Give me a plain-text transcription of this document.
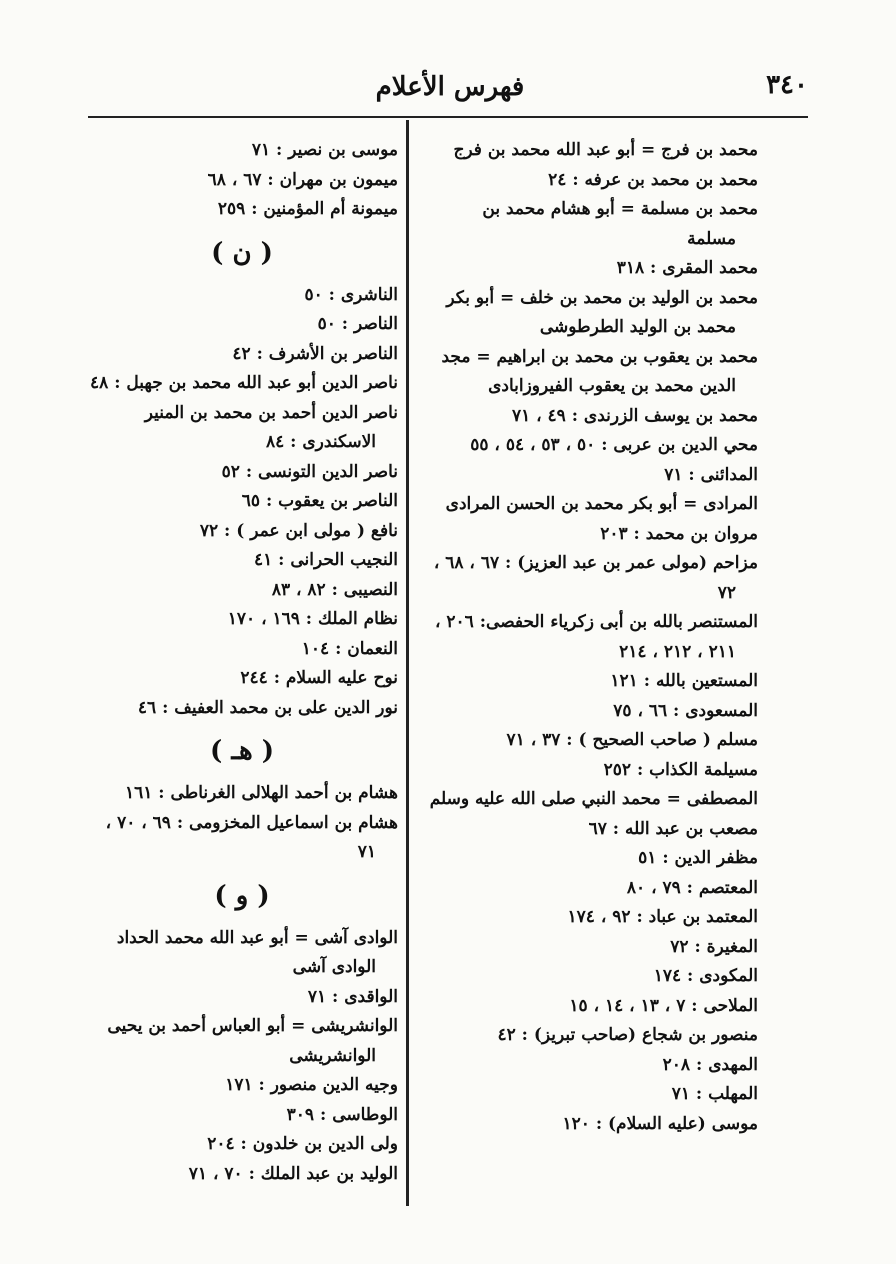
٣٤٠
فهرس الأعلام
محمد بن فرج = أبو عبد الله محمد بن فرج
محمد بن محمد بن عرفه : ٢٤
محمد بن مسلمة = أبو هشام محمد بن مسلمة
محمد المقرى : ٣١٨
محمد بن الوليد بن محمد بن خلف = أبو بكر محمد بن الوليد الطرطوشى
محمد بن يعقوب بن محمد بن ابراهيم = مجد الدين محمد بن يعقوب الفيروزابادى
محمد بن يوسف الزرندى : ٤٩ ، ٧١
محي الدين بن عربى : ٥٠ ، ٥٣ ، ٥٤ ، ٥٥
المدائنى : ٧١
المرادى = أبو بكر محمد بن الحسن المرادى
مروان بن محمد : ٢٠٣
مزاحم (مولى عمر بن عبد العزيز) : ٦٧ ، ٦٨ ، ٧٢
المستنصر بالله بن أبى زكرياء الحفصى: ٢٠٦ ، ٢١١ ، ٢١٢ ، ٢١٤
المستعين بالله : ١٢١
المسعودى : ٦٦ ، ٧٥
مسلم ( صاحب الصحيح ) : ٣٧ ، ٧١
مسيلمة الكذاب : ٢٥٢
المصطفى = محمد النبي صلى الله عليه وسلم
مصعب بن عبد الله : ٦٧
مظفر الدين : ٥١
المعتصم : ٧٩ ، ٨٠
المعتمد بن عباد : ٩٢ ، ١٧٤
المغيرة : ٧٢
المكودى : ١٧٤
الملاحى : ٧ ، ١٣ ، ١٤ ، ١٥
منصور بن شجاع (صاحب تبريز) : ٤٢
المهدى : ٢٠٨
المهلب : ٧١
موسى (عليه السلام) : ١٢٠
موسى بن نصير : ٧١
ميمون بن مهران : ٦٧ ، ٦٨
ميمونة أم المؤمنين : ٢٥٩
( ن )
الناشرى : ٥٠
الناصر : ٥٠
الناصر بن الأشرف : ٤٢
ناصر الدين أبو عبد الله محمد بن جهبل : ٤٨
ناصر الدين أحمد بن محمد بن المنير الاسكندرى : ٨٤
ناصر الدين التونسى : ٥٢
الناصر بن يعقوب : ٦٥
نافع ( مولى ابن عمر ) : ٧٢
النجيب الحرانى : ٤١
النصيبى : ٨٢ ، ٨٣
نظام الملك : ١٦٩ ، ١٧٠
النعمان : ١٠٤
نوح عليه السلام : ٢٤٤
نور الدين على بن محمد العفيف : ٤٦
( هـ )
هشام بن أحمد الهلالى الغرناطى : ١٦١
هشام بن اسماعيل المخزومى : ٦٩ ، ٧٠ ، ٧١
( و )
الوادى آشى = أبو عبد الله محمد الحداد الوادى آشى
الواقدى : ٧١
الوانشريشى = أبو العباس أحمد بن يحيى الوانشريشى
وجيه الدين منصور : ١٧١
الوطاسى : ٣٠٩
ولى الدين بن خلدون : ٢٠٤
الوليد بن عبد الملك : ٧٠ ، ٧١
